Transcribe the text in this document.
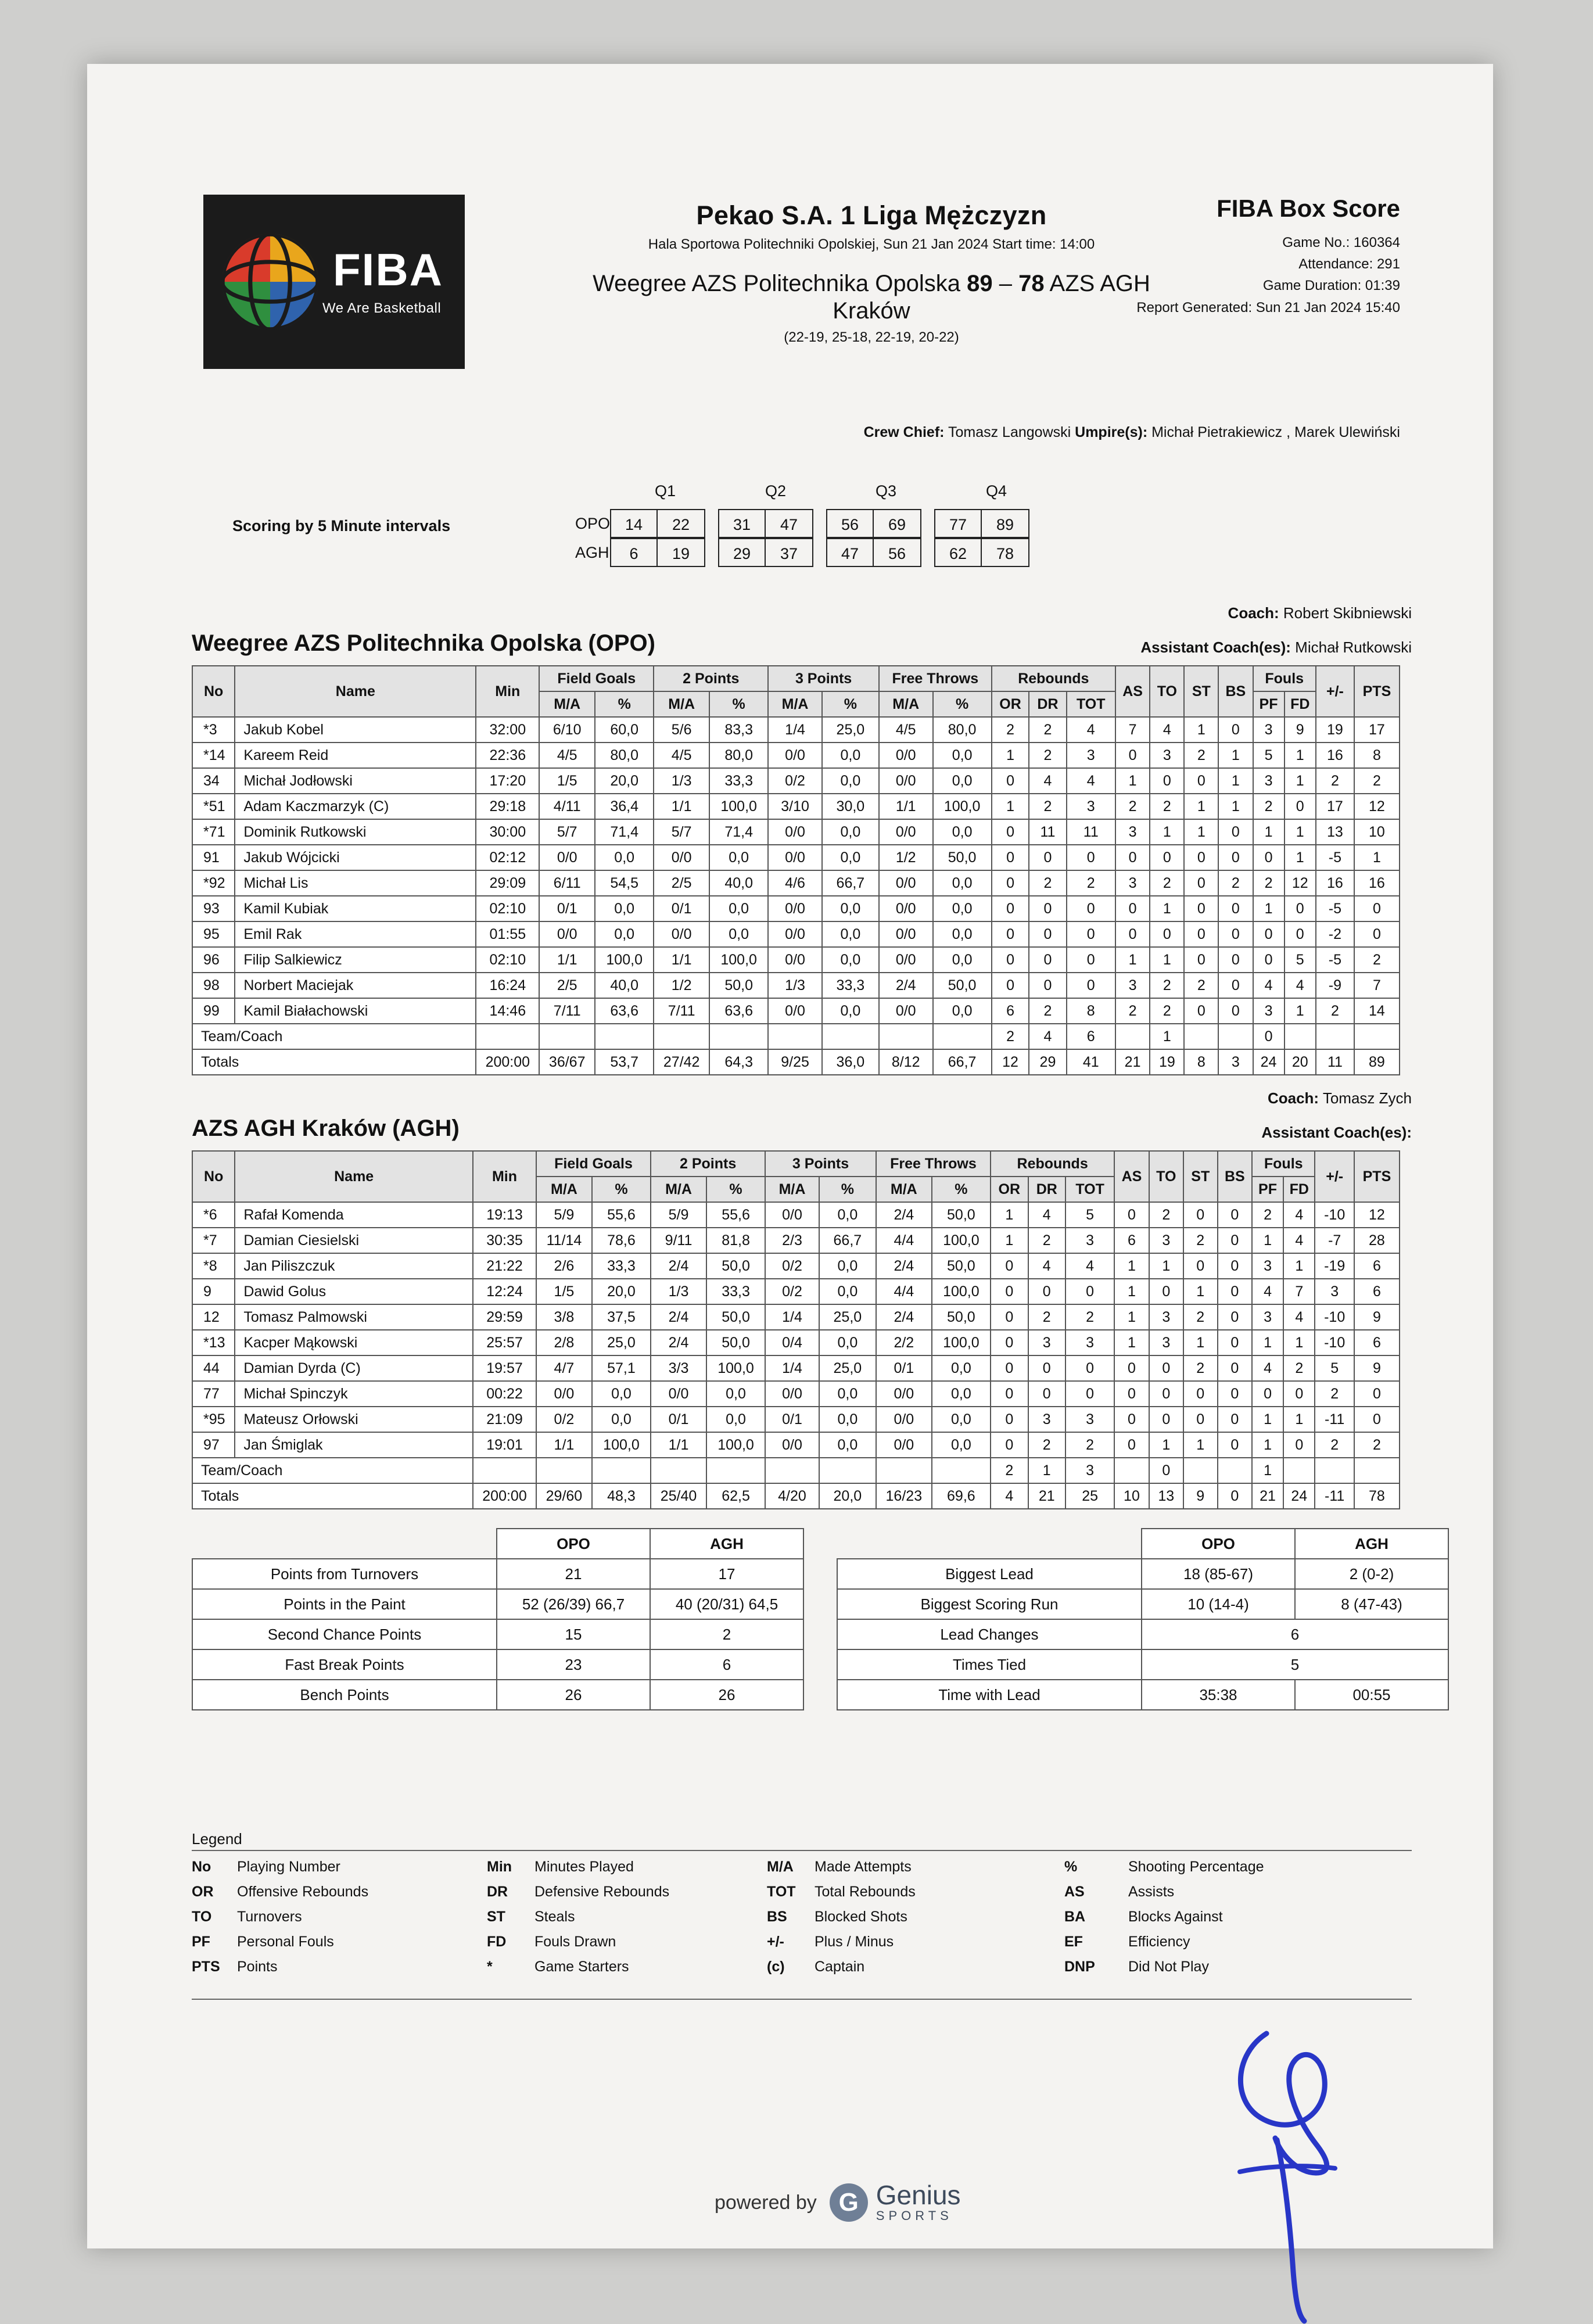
FIBA
We Are Basketball
Pekao S.A. 1 Liga Mężczyzn
Hala Sportowa Politechniki Opolskiej, Sun 21 Jan 2024 Start time: 14:00
Weegree AZS Politechnika Opolska 89 – 78 AZS AGH
Kraków
(22-19, 25-18, 22-19, 20-22)
FIBA Box Score
Game No.: 160364
Attendance: 291
Game Duration: 01:39
Report Generated: Sun 21 Jan 2024 15:40
Crew Chief: Tomasz Langowski Umpire(s): Michał Pietrakiewicz , Marek Ulewiński
Scoring by 5 Minute intervals
Q1	Q2	Q3	Q4
OPO 14	22	31	47	56	69	77	89
AGH	6	19	29	37	47	56	62	78
Coach: Robert Skibniewski
Weegree AZS Politechnika Opolska (OPO)	Assistant Coach(es): Michał Rutkowski
No	Name	Min	Field Goals		2 Points		3 Points		Free Throws		Rebounds			AS	TO	ST	BS	Fouls		+/-	PTS
			M/A	%	M/A	%	M/A	%	M/A	%	OR	DR	TOT					PF	FD		
*3	Jakub Kobel	32:00	6/10	60,0	5/6	83,3	1/4	25,0	4/5	80,0	2	2	4	7	4	1	0	3	9	19	17
*14	Kareem Reid	22:36	4/5	80,0	4/5	80,0	0/0	0,0	0/0	0,0	1	2	3	0	3	2	1	5	1	16	8
34	Michał Jodłowski	17:20	1/5	20,0	1/3	33,3	0/2	0,0	0/0	0,0	0	4	4	1	0	0	1	3	1	2	2
*51	Adam Kaczmarzyk (C)	29:18	4/11	36,4	1/1	100,0	3/10	30,0	1/1	100,0	1	2	3	2	2	1	1	2	0	17	12
*71	Dominik Rutkowski	30:00	5/7	71,4	5/7	71,4	0/0	0,0	0/0	0,0	0	11	11	3	1	1	0	1	1	13	10
91	Jakub Wójcicki	02:12	0/0	0,0	0/0	0,0	0/0	0,0	1/2	50,0	0	0	0	0	0	0	0	0	1	-5	1
*92	Michał Lis	29:09	6/11	54,5	2/5	40,0	4/6	66,7	0/0	0,0	0	2	2	3	2	0	2	2	12	16	16
93	Kamil Kubiak	02:10	0/1	0,0	0/1	0,0	0/0	0,0	0/0	0,0	0	0	0	0	1	0	0	1	0	-5	0
95	Emil Rak	01:55	0/0	0,0	0/0	0,0	0/0	0,0	0/0	0,0	0	0	0	0	0	0	0	0	0	-2	0
96	Filip Salkiewicz	02:10	1/1	100,0	1/1	100,0	0/0	0,0	0/0	0,0	0	0	0	1	1	0	0	0	5	-5	2
98	Norbert Maciejak	16:24	2/5	40,0	1/2	50,0	1/3	33,3	2/4	50,0	0	0	0	3	2	2	0	4	4	-9	7
99	Kamil Białachowski	14:46	7/11	63,6	7/11	63,6	0/0	0,0	0/0	0,0	6	2	8	2	2	0	0	3	1	2	14
Team/Coach											2	4	6		1			0			
Totals		200:00	36/67	53,7	27/42	64,3	9/25	36,0	8/12	66,7	12	29	41	21	19	8	3	24	20	11	89
Coach: Tomasz Zych
AZS AGH Kraków (AGH)	Assistant Coach(es):
No	Name	Min	Field Goals		2 Points		3 Points		Free Throws		Rebounds			AS	TO	ST	BS	Fouls		+/-	PTS
			M/A	%	M/A	%	M/A	%	M/A	%	OR	DR	TOT					PF	FD		
*6	Rafał Komenda	19:13	5/9	55,6	5/9	55,6	0/0	0,0	2/4	50,0	1	4	5	0	2	0	0	2	4	-10	12
*7	Damian Ciesielski	30:35	11/14	78,6	9/11	81,8	2/3	66,7	4/4	100,0	1	2	3	6	3	2	0	1	4	-7	28
*8	Jan Piliszczuk	21:22	2/6	33,3	2/4	50,0	0/2	0,0	2/4	50,0	0	4	4	1	1	0	0	3	1	-19	6
9	Dawid Golus	12:24	1/5	20,0	1/3	33,3	0/2	0,0	4/4	100,0	0	0	0	1	0	1	0	4	7	3	6
12	Tomasz Palmowski	29:59	3/8	37,5	2/4	50,0	1/4	25,0	2/4	50,0	0	2	2	1	3	2	0	3	4	-10	9
*13	Kacper Mąkowski	25:57	2/8	25,0	2/4	50,0	0/4	0,0	2/2	100,0	0	3	3	1	3	1	0	1	1	-10	6
44	Damian Dyrda (C)	19:57	4/7	57,1	3/3	100,0	1/4	25,0	0/1	0,0	0	0	0	0	0	2	0	4	2	5	9
77	Michał Spinczyk	00:22	0/0	0,0	0/0	0,0	0/0	0,0	0/0	0,0	0	0	0	0	0	0	0	0	0	2	0
*95	Mateusz Orłowski	21:09	0/2	0,0	0/1	0,0	0/1	0,0	0/0	0,0	0	3	3	0	0	0	0	1	1	-11	0
97	Jan Śmiglak	19:01	1/1	100,0	1/1	100,0	0/0	0,0	0/0	0,0	0	2	2	0	1	1	0	1	0	2	2
Team/Coach											2	1	3		0			1			
Totals		200:00	29/60	48,3	25/40	62,5	4/20	20,0	16/23	69,6	4	21	25	10	13	9	0	21	24	-11	78
	OPO	AGH
Points from Turnovers	21	17
Points in the Paint	52 (26/39) 66,7	40 (20/31) 64,5
Second Chance Points	15	2
Fast Break Points	23	6
Bench Points	26	26
	OPO	AGH
Biggest Lead	18 (85-67)	2 (0-2)
Biggest Scoring Run	10 (14-4)	8 (47-43)
Lead Changes	6	
Times Tied	5	
Time with Lead	35:38	00:55
Legend
No	Playing Number	Min	Minutes Played	M/A	Made Attempts	%	Shooting Percentage
OR	Offensive Rebounds	DR	Defensive Rebounds	TOT	Total Rebounds	AS	Assists
TO	Turnovers	ST	Steals	BS	Blocked Shots	BA	Blocks Against
PF	Personal Fouls	FD	Fouls Drawn	+/-	Plus / Minus	EF	Efficiency
PTS	Points	*	Game Starters	(c)	Captain	DNP	Did Not Play
powered by G Genius
SPORTS
